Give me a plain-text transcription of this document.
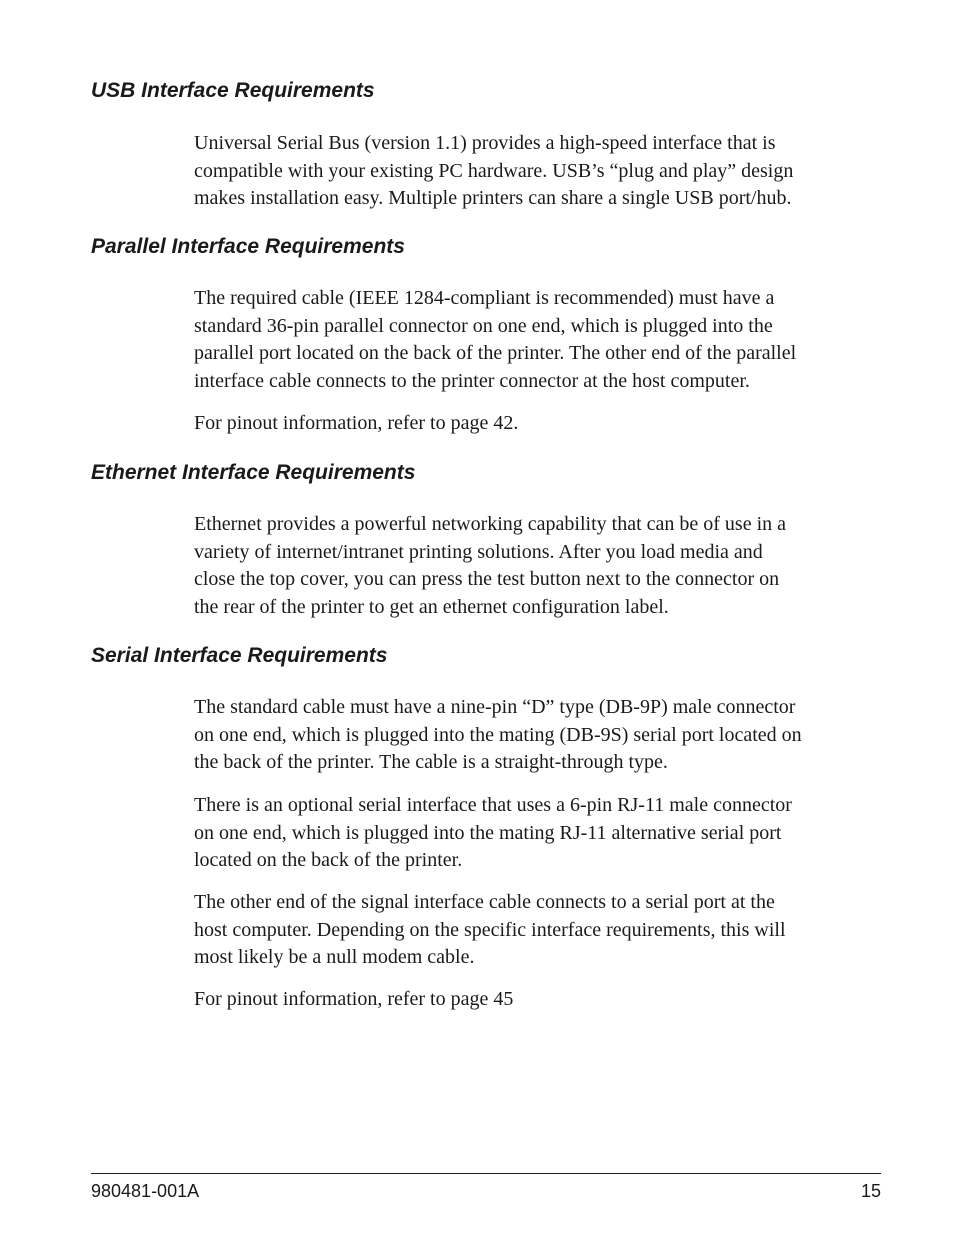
USB Interface Requirements

Universal Serial Bus (version 1.1) provides a high-speed interface that is
compatible with your existing PC hardware. USB’s “plug and play” design
makes installation easy. Multiple printers can share a single USB port/hub.

Parallel Interface Requirements

The required cable (IEEE 1284-compliant is recommended) must have a
standard 36-pin parallel connector on one end, which is plugged into the
parallel port located on the back of the printer. The other end of the parallel
interface cable connects to the printer connector at the host computer.

For pinout information, refer to page 42.

Ethernet Interface Requirements

Ethernet provides a powerful networking capability that can be of use in a
variety of internet/intranet printing solutions. After you load media and
close the top cover, you can press the test button next to the connector on
the rear of the printer to get an ethernet configuration label.

Serial Interface Requirements

The standard cable must have a nine-pin “D” type (DB-9P) male connector
on one end, which is plugged into the mating (DB-9S) serial port located on
the back of the printer. The cable is a straight-through type.

There is an optional serial interface that uses a 6-pin RJ-11 male connector
on one end, which is plugged into the mating RJ-11 alternative serial port
located on the back of the printer.

The other end of the signal interface cable connects to a serial port at the
host computer. Depending on the specific interface requirements, this will
most likely be a null modem cable.

For pinout information, refer to page 45

980481-001A	15
